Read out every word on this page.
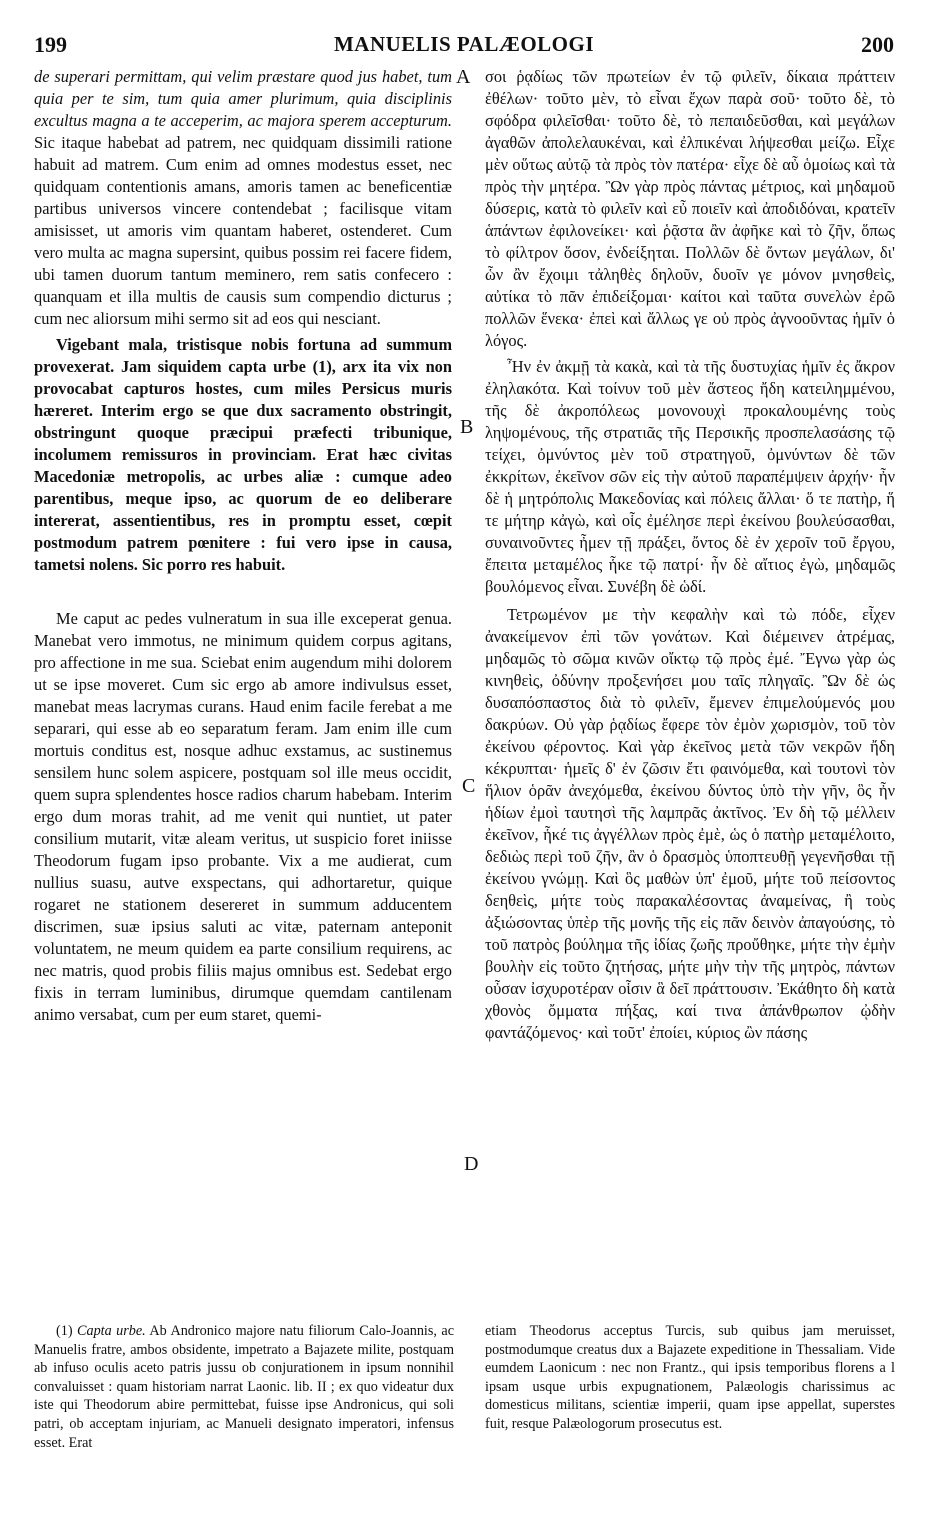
199	MANUELIS PALÆOLOGI	200

de superari permittam, qui velim præstare quod jus habet, tum quia per te sim, tum quia amer plurimum, quia disciplinis excultus magna a te acceperim, ac majora sperem accepturum. Sic itaque habebat ad patrem, nec quidquam dissimili ratione habuit ad matrem. Cum enim ad omnes modestus esset, nec quidquam contentionis amans, amoris tamen ac beneficentiæ partibus universos vincere contendebat ; facilisque vitam amisisset, ut amoris vim quantam haberet, ostenderet. Cum vero multa ac magna supersint, quibus possim rei facere fidem, ubi tamen duorum tantum meminero, rem satis confecero : quanquam et illa multis de causis sum compendio dicturus ; cum nec aliorsum mihi sermo sit ad eos qui nesciant.

Vigebant mala, tristisque nobis fortuna ad summum provexerat. Jam siquidem capta urbe (1), arx ita vix non provocabat capturos hostes, cum miles Persicus muris hæreret. Interim ergo se que dux sacramento obstringit, obstringunt quoque præcipui præfecti tribunique, incolumem remissuros in provinciam. Erat hæc civitas Macedoniæ metropolis, ac urbes aliæ : cumque adeo parentibus, meque ipso, ac quorum de eo deliberare intererat, assentientibus, res in promptu esset, cœpit postmodum patrem pœnitere : fui vero ipse in causa, tametsi nolens. Sic porro res habuit.

Me caput ac pedes vulneratum in sua ille exceperat genua. Manebat vero immotus, ne minimum quidem corpus agitans, pro affectione in me sua. Sciebat enim augendum mihi dolorem ut se ipse moveret. Cum sic ergo ab amore indivulsus esset, manebat meas lacrymas curans. Haud enim facile ferebat a me separari, qui esse ab eo separatum feram. Jam enim ille cum mortuis conditus est, nosque adhuc exstamus, ac sustinemus sensilem hunc solem aspicere, postquam sol ille meus occidit, quem supra splendentes hosce radios charum habebam. Interim ergo dum moras trahit, ad me venit qui nuntiet, ut pater consilium mutarit, vitæ aleam veritus, ut suspicio foret iniisse Theodorum fugam ipso probante. Vix a me audierat, cum nullius suasu, autve exspectans, qui adhortaretur, quique rogaret ne stationem desereret in summum adducentem discrimen, suæ ipsius saluti ac vitæ, paternam anteponit voluntatem, ne meum quidem ea parte consilium requirens, ac nec matris, quod probis filiis majus omnibus est. Sedebat ergo fixis in terram luminibus, dirumque quemdam cantilenam animo versabat, cum per eum staret, quemi-

A
B
C
D

σοι ῥᾳδίως τῶν πρωτείων ἐν τῷ φιλεῖν, δίκαια πράττειν ἐθέλων· τοῦτο μὲν, τὸ εἶναι ἔχων παρὰ σοῦ· τοῦτο δὲ, τὸ σφόδρα φιλεῖσθαι· τοῦτο δὲ, τὸ πεπαιδεῦσθαι, καὶ μεγάλων ἀγαθῶν ἀπολελαυκέναι, καὶ ἐλπικέναι λήψεσθαι μείζω. Εἶχε μὲν οὕτως αὐτῷ τὰ πρὸς τὸν πατέρα· εἶχε δὲ αὖ ὁμοίως καὶ τὰ πρὸς τὴν μητέρα. Ὢν γὰρ πρὸς πάντας μέτριος, καὶ μηδαμοῦ δύσερις, κατὰ τὸ φιλεῖν καὶ εὖ ποιεῖν καὶ ἀποδιδόναι, κρατεῖν ἁπάντων ἐφιλονείκει· καὶ ῥᾷστα ἂν ἀφῆκε καὶ τὸ ζῆν, ὅπως τὸ φίλτρον ὅσον, ἐνδείξηται. Πολλῶν δὲ ὄντων μεγάλων, δι' ὧν ἂν ἔχοιμι τἀληθὲς δηλοῦν, δυοῖν γε μόνον μνησθεὶς, αὐτίκα τὸ πᾶν ἐπιδείξομαι· καίτοι καὶ ταῦτα συνελὼν ἐρῶ πολλῶν ἕνεκα· ἐπεὶ καὶ ἄλλως γε οὐ πρὸς ἀγνοοῦντας ἡμῖν ὁ λόγος.

Ἦν ἐν ἀκμῇ τὰ κακὰ, καὶ τὰ τῆς δυστυχίας ἡμῖν ἐς ἄκρον ἐληλακότα. Καὶ τοίνυν τοῦ μὲν ἄστεος ἤδη κατειλημμένου, τῆς δὲ ἀκροπόλεως μονονουχὶ προκαλουμένης τοὺς ληψομένους, τῆς στρατιᾶς τῆς Περσικῆς προσπελασάσης τῷ τείχει, ὀμνύντος μὲν τοῦ στρατηγοῦ, ὀμνύντων δὲ τῶν ἐκκρίτων, ἐκεῖνον σῶν εἰς τὴν αὐτοῦ παραπέμψειν ἀρχήν· ἦν δὲ ἡ μητρόπολις Μακεδονίας καὶ πόλεις ἄλλαι· ὅ τε πατὴρ, ἥ τε μήτηρ κἀγὼ, καὶ οἷς ἐμέλησε περὶ ἐκείνου βουλεύσασθαι, συναινοῦντες ἦμεν τῇ πράξει, ὄντος δὲ ἐν χεροῖν τοῦ ἔργου, ἔπειτα μεταμέλος ἧκε τῷ πατρί· ἦν δὲ αἴτιος ἐγὼ, μηδαμῶς βουλόμενος εἶναι. Συνέβη δὲ ὡδί.

Τετρωμένον με τὴν κεφαλὴν καὶ τὼ πόδε, εἶχεν ἀνακείμενον ἐπὶ τῶν γονάτων. Καὶ διέμεινεν ἀτρέμας, μηδαμῶς τὸ σῶμα κινῶν οἴκτῳ τῷ πρὸς ἐμέ. Ἔγνω γὰρ ὡς κινηθεὶς, ὀδύνην προξενήσει μου ταῖς πληγαῖς. Ὢν δὲ ὡς δυσαπόσπαστος διὰ τὸ φιλεῖν, ἔμενεν ἐπιμελούμενός μου δακρύων. Οὐ γὰρ ῥᾳδίως ἔφερε τὸν ἐμὸν χωρισμὸν, τοῦ τὸν ἐκείνου φέροντος. Καὶ γὰρ ἐκεῖνος μετὰ τῶν νεκρῶν ἤδη κέκρυπται· ἡμεῖς δ' ἐν ζῶσιν ἔτι φαινόμεθα, καὶ τουτονὶ τὸν ἥλιον ὁρᾶν ἀνεχόμεθα, ἐκείνου δύντος ὑπὸ τὴν γῆν, ὃς ἦν ἡδίων ἐμοὶ ταυτησὶ τῆς λαμπρᾶς ἀκτῖνος. Ἐν δὴ τῷ μέλλειν ἐκεῖνον, ἧκέ τις ἀγγέλλων πρὸς ἐμὲ, ὡς ὁ πατὴρ μεταμέλοιτο, δεδιὼς περὶ τοῦ ζῆν, ἂν ὁ δρασμὸς ὑποπτευθῇ γεγενῆσθαι τῇ ἐκείνου γνώμῃ. Καὶ ὃς μαθὼν ὑπ' ἐμοῦ, μήτε τοῦ πείσοντος δεηθεὶς, μήτε τοὺς παρακαλέσοντας ἀναμείνας, ἢ τοὺς ἀξιώσοντας ὑπὲρ τῆς μονῆς τῆς εἰς πᾶν δεινὸν ἀπαγούσης, τὸ τοῦ πατρὸς βούλημα τῆς ἰδίας ζωῆς προὔθηκε, μήτε τὴν ἐμὴν βουλὴν εἰς τοῦτο ζητήσας, μήτε μὴν τὴν τῆς μητρὸς, πάντων οὖσαν ἰσχυροτέραν οἷσιν ἃ δεῖ πράττουσιν. Ἐκάθητο δὴ κατὰ χθονὸς ὄμματα πήξας, καί τινα ἀπάνθρωπον ᾠδὴν φαντάζόμενος· καὶ τοῦτ' ἐποίει, κύριος ὢν πάσης

(1) Capta urbe. Ab Andronico majore natu filiorum Calo-Joannis, ac Manuelis fratre, ambos obsidente, impetrato a Bajazete milite, postquam ab infuso oculis aceto patris jussu ob conjurationem in ipsum nonnihil convaluisset : quam historiam narrat Laonic. lib. II ; ex quo videatur dux iste qui Theodorum abire permittebat, fuisse ipse Andronicus, qui soli patri, ob acceptam injuriam, ac Manueli designato imperatori, infensus esset. Erat

etiam Theodorus acceptus Turcis, sub quibus jam meruisset, postmodumque creatus dux a Bajazete expeditione in Thessaliam. Vide eumdem Laonicum : nec non Frantz., qui ipsis temporibus florens a l ipsam usque urbis expugnationem, Palæologis charissimus ac domesticus militans, scientiæ imperii, quam ipse appellat, superstes fuit, resque Palæologorum prosecutus est.
